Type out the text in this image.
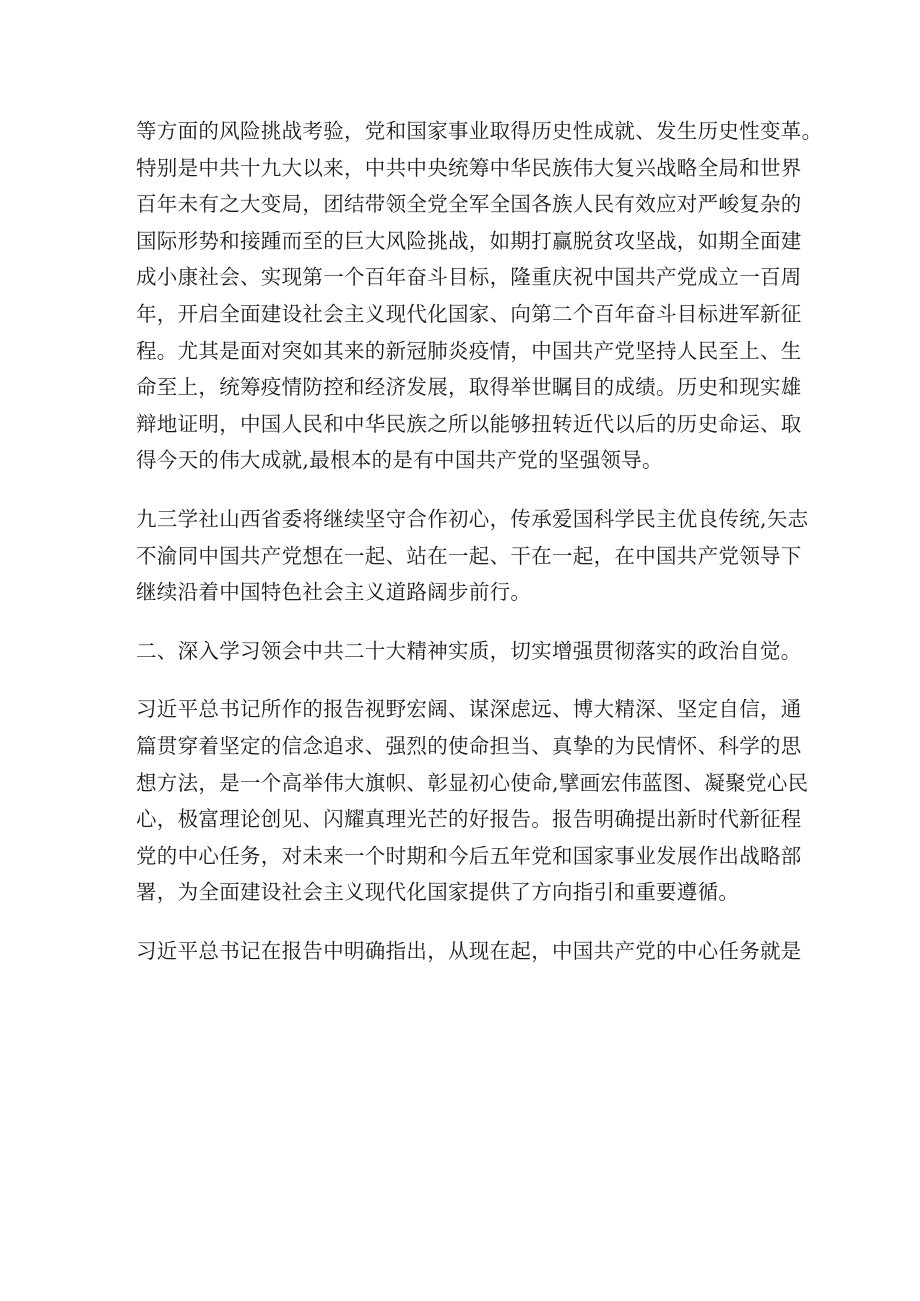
等方面的风险挑战考验，党和国家事业取得历史性成就、发生历史性变革。
特别是中共十九大以来，中共中央统筹中华民族伟大复兴战略全局和世界
百年未有之大变局，团结带领全党全军全国各族人民有效应对严峻复杂的
国际形势和接踵而至的巨大风险挑战，如期打赢脱贫攻坚战，如期全面建
成小康社会、实现第一个百年奋斗目标，隆重庆祝中国共产党成立一百周
年，开启全面建设社会主义现代化国家、向第二个百年奋斗目标进军新征
程。尤其是面对突如其来的新冠肺炎疫情，中国共产党坚持人民至上、生
命至上，统筹疫情防控和经济发展，取得举世瞩目的成绩。历史和现实雄
辩地证明，中国人民和中华民族之所以能够扭转近代以后的历史命运、取
得今天的伟大成就,最根本的是有中国共产党的坚强领导。
九三学社山西省委将继续坚守合作初心，传承爱国科学民主优良传统,矢志
不渝同中国共产党想在一起、站在一起、干在一起，在中国共产党领导下
继续沿着中国特色社会主义道路阔步前行。
二、深入学习领会中共二十大精神实质，切实增强贯彻落实的政治自觉。
习近平总书记所作的报告视野宏阔、谋深虑远、博大精深、坚定自信，通
篇贯穿着坚定的信念追求、强烈的使命担当、真挚的为民情怀、科学的思
想方法，是一个高举伟大旗帜、彰显初心使命,擘画宏伟蓝图、凝聚党心民
心，极富理论创见、闪耀真理光芒的好报告。报告明确提出新时代新征程
党的中心任务，对未来一个时期和今后五年党和国家事业发展作出战略部
署，为全面建设社会主义现代化国家提供了方向指引和重要遵循。
习近平总书记在报告中明确指出，从现在起，中国共产党的中心任务就是
